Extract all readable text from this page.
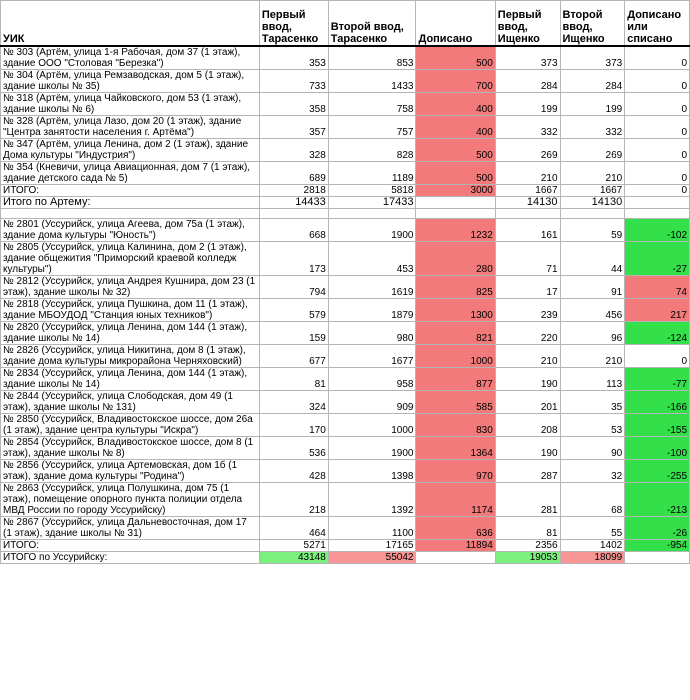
УИК	Первый ввод, Тарасенко	Второй ввод, Тарасенко	Дописано	Первый ввод, Ищенко	Второй ввод, Ищенко	Дописано или списано
№ 303 (Артём, улица 1-я Рабочая, дом 37 (1 этаж), здание ООО "Столовая "Березка")	353	853	500	373	373	0
№ 304 (Артём, улица Ремзаводская, дом 5 (1 этаж), здание школы № 35)	733	1433	700	284	284	0
№ 318 (Артём, улица Чайковского, дом 53 (1 этаж), здание школы № 6)	358	758	400	199	199	0
№ 328 (Артём, улица Лазо, дом 20 (1 этаж), здание "Центра занятости населения г. Артёма")	357	757	400	332	332	0
№ 347 (Артём, улица Ленина, дом 2 (1 этаж), здание Дома культуры "Индустрия")	328	828	500	269	269	0
№ 354 (Кневичи, улица Авиационная, дом 7 (1 этаж), здание детского сада № 5)	689	1189	500	210	210	0
ИТОГО:	2818	5818	3000	1667	1667	0
Итого по Артему:	14433	17433		14130	14130	

№ 2801 (Уссурийск, улица Агеева, дом 75а (1 этаж), здание дома культуры "Юность")	668	1900	1232	161	59	-102
№ 2805 (Уссурийск, улица Калинина, дом 2 (1 этаж), здание общежития "Приморский краевой колледж культуры")	173	453	280	71	44	-27
№ 2812 (Уссурийск, улица Андрея Кушнира, дом 23 (1 этаж), здание школы № 32)	794	1619	825	17	91	74
№ 2818 (Уссурийск, улица Пушкина, дом 11 (1 этаж), здание МБОУДОД "Станция юных техников")	579	1879	1300	239	456	217
№ 2820 (Уссурийск, улица Ленина, дом 144 (1 этаж), здание школы № 14)	159	980	821	220	96	-124
№ 2826 (Уссурийск, улица Никитина, дом 8 (1 этаж), здание дома культуры микрорайона Черняховский)	677	1677	1000	210	210	0
№ 2834 (Уссурийск, улица Ленина, дом 144 (1 этаж), здание школы № 14)	81	958	877	190	113	-77
№ 2844 (Уссурийск, улица Слободская, дом 49 (1 этаж), здание школы № 131)	324	909	585	201	35	-166
№ 2850 (Уссурийск, Владивостокское шоссе, дом 26а (1 этаж), здание центра культуры "Искра")	170	1000	830	208	53	-155
№ 2854 (Уссурийск, Владивостокское шоссе, дом 8 (1 этаж), здание школы № 8)	536	1900	1364	190	90	-100
№ 2856 (Уссурийск, улица Артемовская, дом 1б (1 этаж), здание дома культуры "Родина")	428	1398	970	287	32	-255
№ 2863 (Уссурийск, улица Полушкина, дом 75 (1 этаж), помещение опорного пункта полиции отдела МВД России по городу Уссурийску)	218	1392	1174	281	68	-213
№ 2867 (Уссурийск, улица Дальневосточная, дом 17 (1 этаж), здание школы № 31)	464	1100	636	81	55	-26
ИТОГО:	5271	17165	11894	2356	1402	-954
ИТОГО по Уссурийску:	43148	55042		19053	18099	
